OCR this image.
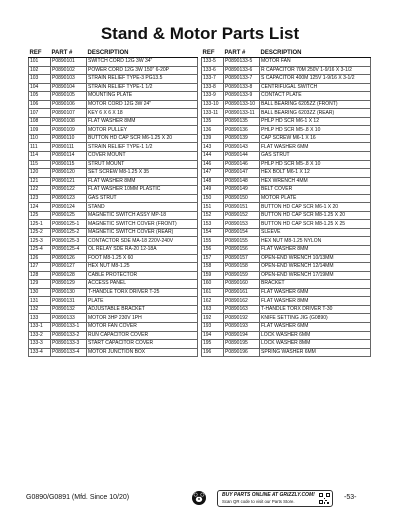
Stand & Motor Parts List
REF	PART #	DESCRIPTION
101	P0890101	SWITCH CORD 12G 3W 34"
102	P0890102	POWER CORD 12G 3W 150" 6-20P
103	P0890103	STRAIN RELIEF TYPE-3 PG13.5
104	P0890104	STRAIN RELIEF TYPE-1 1/2
105	P0890105	MOUNTING PLATE
106	P0890106	MOTOR CORD 12G 3W 24"
107	P0890107	KEY 6 X 6 X 18
108	P0890108	FLAT WASHER 8MM
109	P0890109	MOTOR PULLEY
110	P0890110	BUTTON HD CAP SCR M6-1.25 X 20
111	P0890111	STRAIN RELIEF TYPE-1 1/2
114	P0890114	COVER MOUNT
115	P0890115	STRUT MOUNT
120	P0890120	SET SCREW M8-1.25 X 35
121	P0890121	FLAT WASHER 8MM
122	P0890122	FLAT WASHER 10MM PLASTIC
123	P0890123	GAS STRUT
124	P0890124	STAND
125	P0890125	MAGNETIC SWITCH ASSY MP-18
125-1	P0890125-1	MAGNETIC SWITCH COVER (FRONT)
125-2	P0890125-2	MAGNETIC SWITCH COVER (REAR)
125-3	P0890125-3	CONTACTOR SDE MA-18 220V-240V
125-4	P0890125-4	OL RELAY SDE RA-20 12-18A
126	P0890126	FOOT M8-1.25 X 60
127	P0890127	HEX NUT M8-1.25
128	P0890128	CABLE PROTECTOR
129	P0890129	ACCESS PANEL
130	P0890130	T-HANDLE TORX DRIVER T-25
131	P0890131	PLATE
132	P0890132	ADJUSTABLE BRACKET
133	P0890133	MOTOR 3HP 230V 1PH
133-1	P0890133-1	MOTOR FAN COVER
133-2	P0890133-2	RUN CAPACITOR COVER
133-3	P0890133-3	START CAPACITOR COVER
133-4	P0890133-4	MOTOR JUNCTION BOX
REF	PART #	DESCRIPTION
133-5	P0890133-5	MOTOR FAN
133-6	P0890133-6	R CAPACITOR 70M 250V 1-9/16 X 3-1/2
133-7	P0890133-7	S CAPACITOR 400M 125V 1-9/16 X 3-1/2
133-8	P0890133-8	CENTRIFUGAL SWITCH
133-9	P0890133-9	CONTACT PLATE
133-10	P0890133-10	BALL BEARING 6205ZZ (FRONT)
133-11	P0890133-11	BALL BEARING 6203ZZ (REAR)
135	P0890135	PHLP HD SCR M6-1 X 12
136	P0890136	PHLP HD SCR M5-.8 X 10
139	P0890139	CAP SCREW M6-1 X 16
143	P0890143	FLAT WASHER 6MM
144	P0890144	GAS STRUT
146	P0890146	PHLP HD SCR M5-.8 X 10
147	P0890147	HEX BOLT M6-1 X 12
148	P0890148	HEX WRENCH 4MM
149	P0890149	BELT COVER
150	P0890150	MOTOR PLATE
151	P0890151	BUTTON HD CAP SCR M6-1 X 20
152	P0890152	BUTTON HD CAP SCR M8-1.25 X 20
153	P0890153	BUTTON HD CAP SCR M8-1.25 X 25
154	P0890154	SLEEVE
155	P0890155	HEX NUT M8-1.25 NYLON
156	P0890156	FLAT WASHER 8MM
157	P0890157	OPEN-END WRENCH 10/13MM
158	P0890158	OPEN-END WRENCH 12/14MM
159	P0890159	OPEN-END WRENCH 17/19MM
160	P0890160	BRACKET
161	P0890161	FLAT WASHER 6MM
162	P0890162	FLAT WASHER 8MM
163	P0890163	T-HANDLE TORX DRIVER T-30
192	P0890192	KNIFE SETTING JIG (G0890)
193	P0890193	FLAT WASHER 6MM
194	P0890194	LOCK WASHER 6MM
195	P0890195	LOCK WASHER 8MM
196	P0890196	SPRING WASHER 6MM
G0890/G0891 (Mfd. Since 10/20)	BUY PARTS ONLINE AT GRIZZLY.COM!
Scan QR code to visit our Parts Store.
-53-
